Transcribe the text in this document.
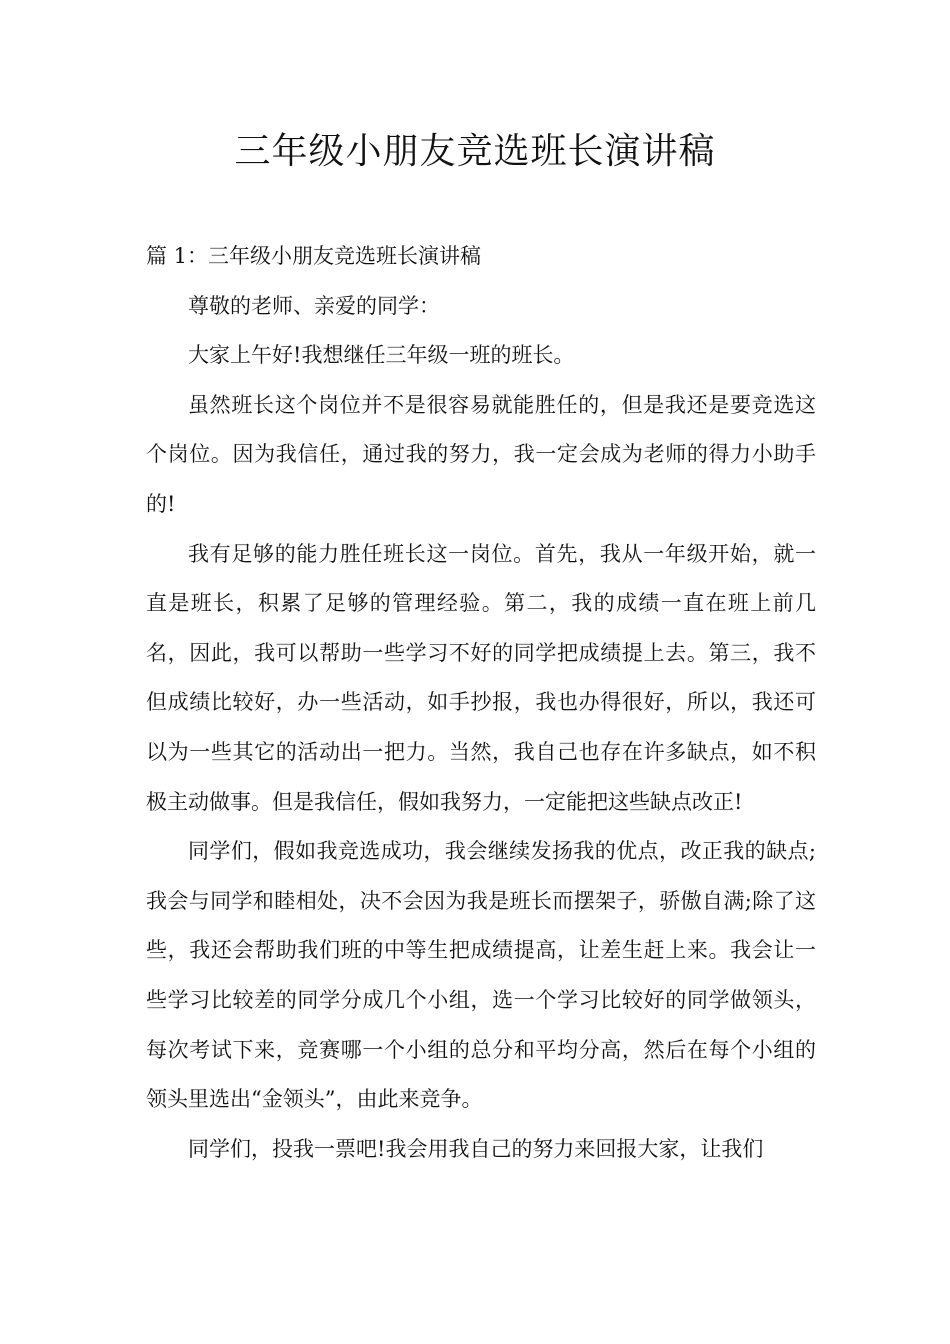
三年级小朋友竞选班长演讲稿

篇 1：三年级小朋友竞选班长演讲稿

尊敬的老师、亲爱的同学：

大家上午好!我想继任三年级一班的班长。

虽然班长这个岗位并不是很容易就能胜任的，但是我还是要竞选这个岗位。因为我信任，通过我的努力，我一定会成为老师的得力小助手的!

我有足够的能力胜任班长这一岗位。首先，我从一年级开始，就一直是班长，积累了足够的管理经验。第二，我的成绩一直在班上前几名，因此，我可以帮助一些学习不好的同学把成绩提上去。第三，我不但成绩比较好，办一些活动，如手抄报，我也办得很好，所以，我还可以为一些其它的活动出一把力。当然，我自己也存在许多缺点，如不积极主动做事。但是我信任，假如我努力，一定能把这些缺点改正!

同学们，假如我竞选成功，我会继续发扬我的优点，改正我的缺点;我会与同学和睦相处，决不会因为我是班长而摆架子，骄傲自满;除了这些，我还会帮助我们班的中等生把成绩提高，让差生赶上来。我会让一些学习比较差的同学分成几个小组，选一个学习比较好的同学做领头，每次考试下来，竞赛哪一个小组的总分和平均分高，然后在每个小组的领头里选出“金领头”，由此来竞争。

同学们，投我一票吧!我会用我自己的努力来回报大家，让我们
